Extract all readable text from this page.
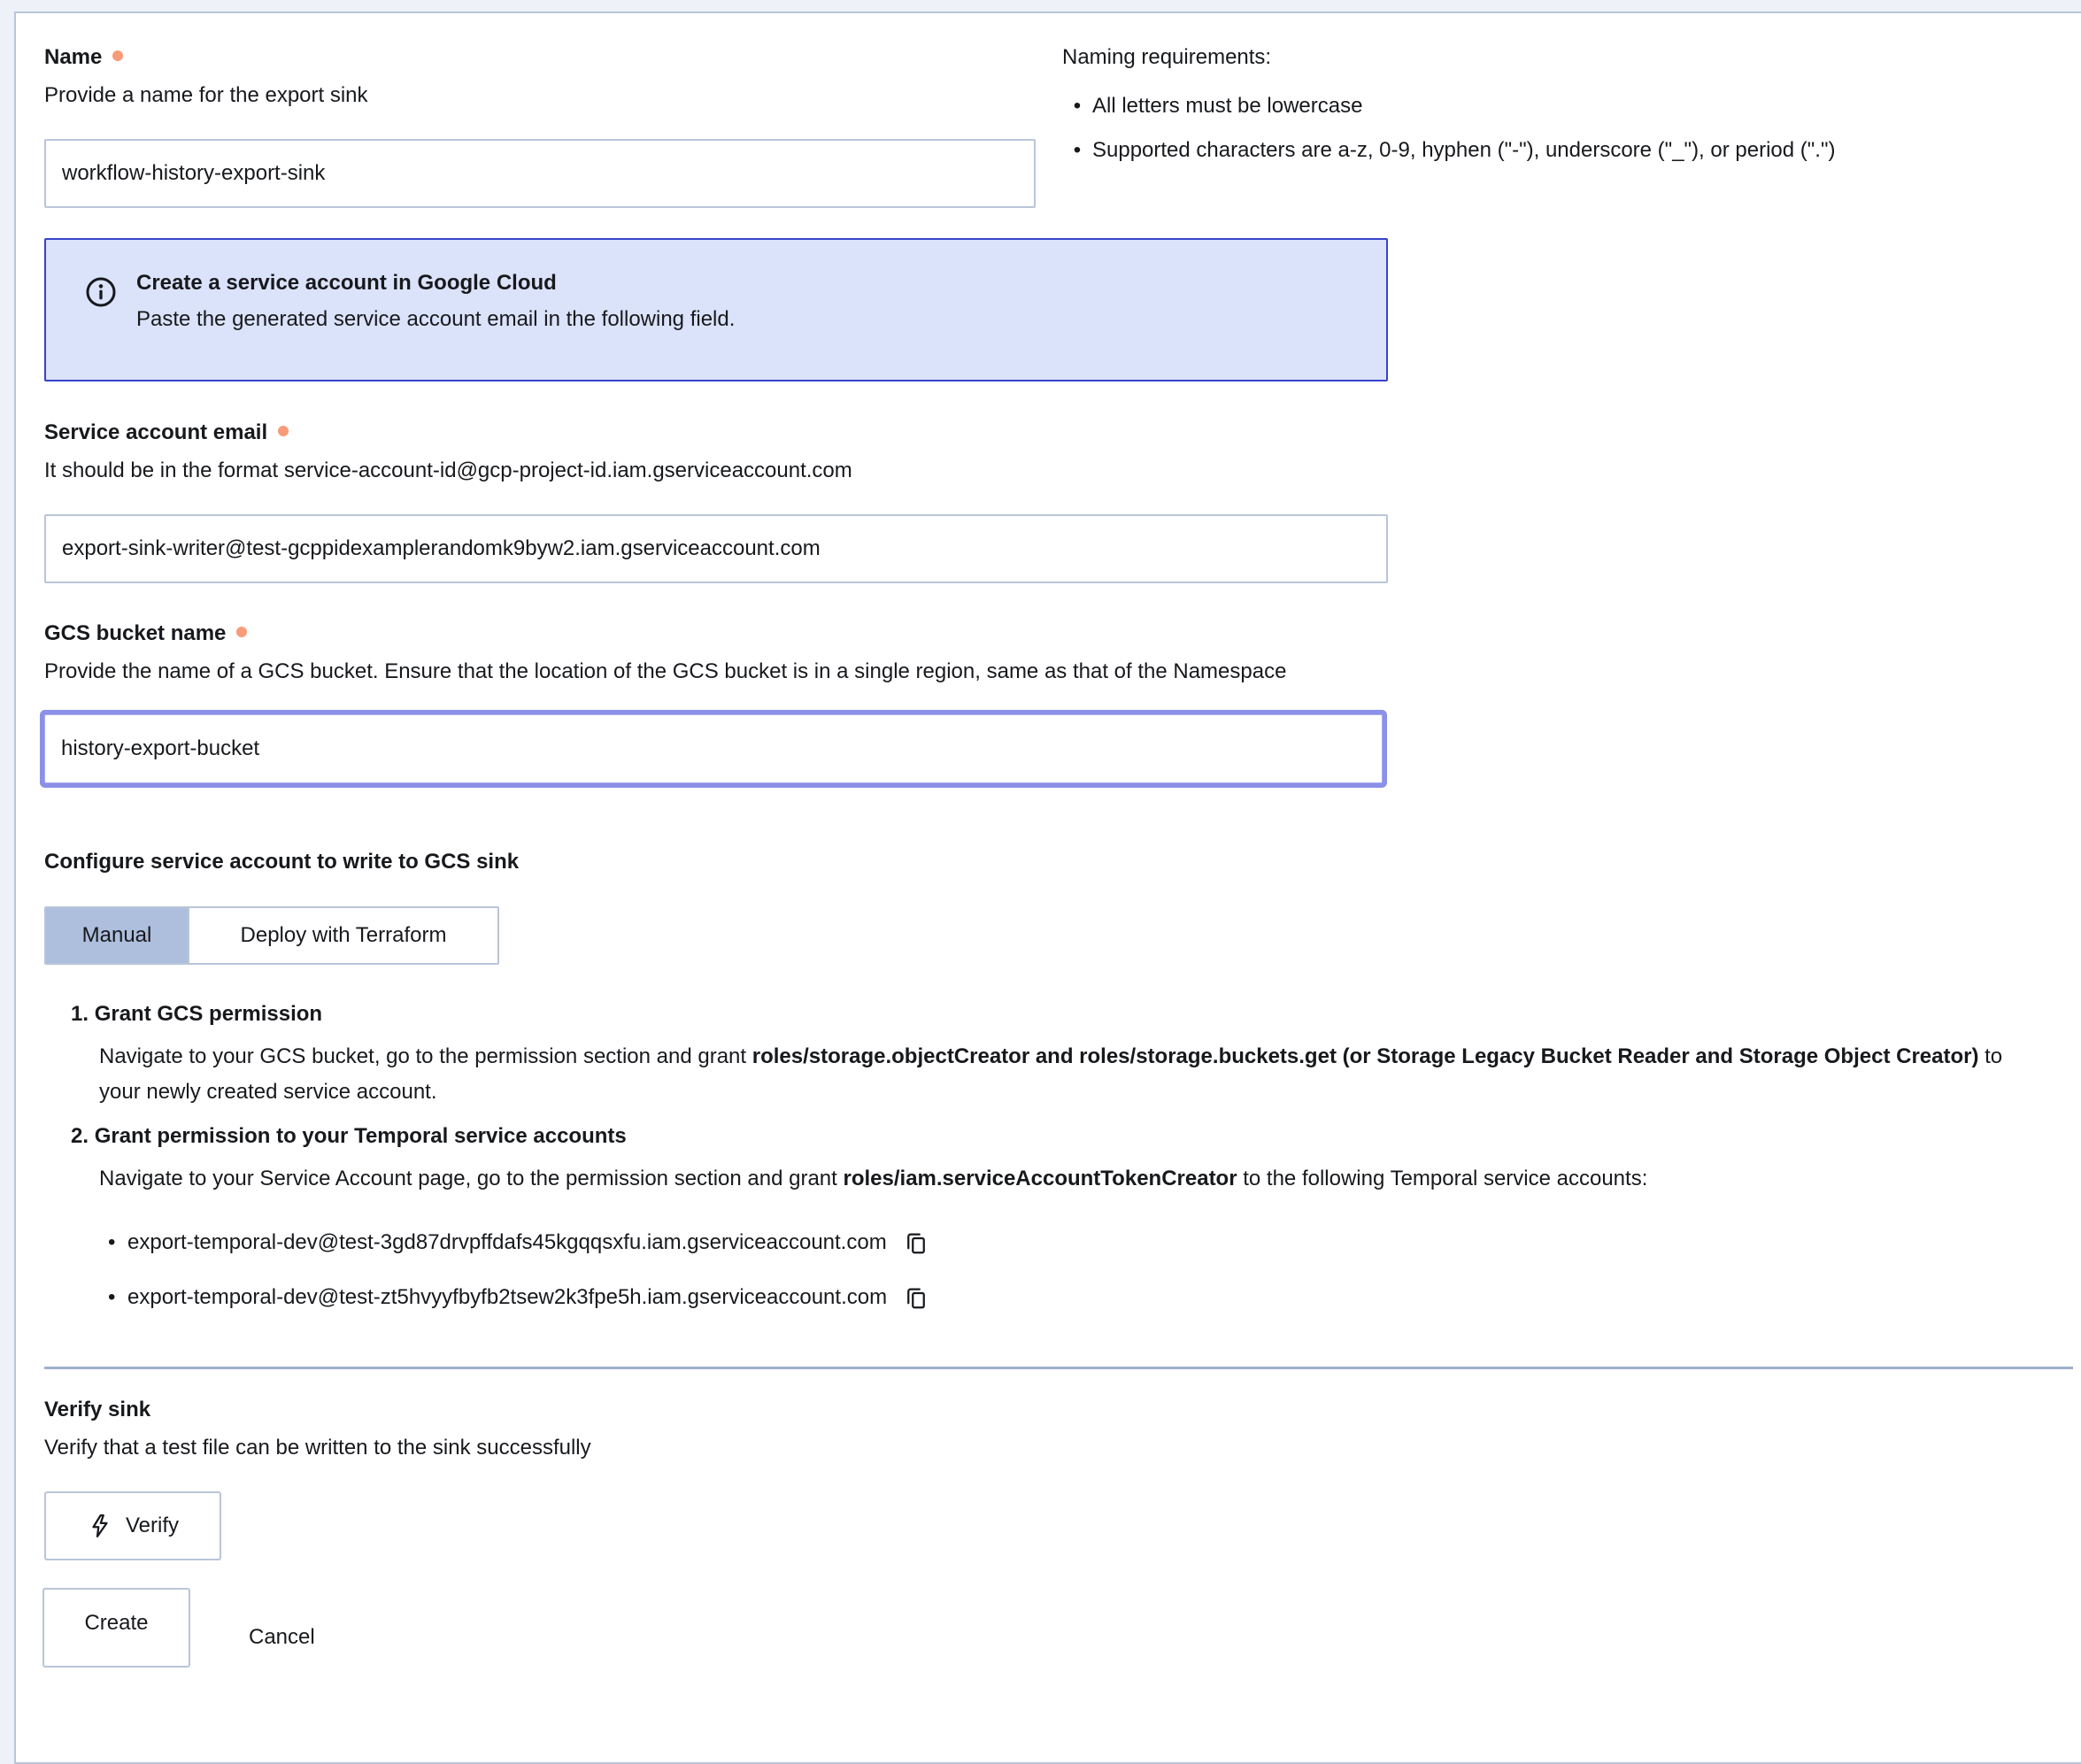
Name
Provide a name for the export sink
workflow-history-export-sink
Naming requirements:
• All letters must be lowercase
• Supported characters are a-z, 0-9, hyphen ("-"), underscore ("_"), or period (".")
Create a service account in Google Cloud
Paste the generated service account email in the following field.
Service account email
It should be in the format service-account-id@gcp-project-id.iam.gserviceaccount.com
export-sink-writer@test-gcppidexamplerandomk9byw2.iam.gserviceaccount.com
GCS bucket name
Provide the name of a GCS bucket. Ensure that the location of the GCS bucket is in a single region, same as that of the Namespace
history-export-bucket
Configure service account to write to GCS sink
Manual	Deploy with Terraform
1. Grant GCS permission
Navigate to your GCS bucket, go to the permission section and grant roles/storage.objectCreator and roles/storage.buckets.get (or Storage Legacy Bucket Reader and Storage Object Creator) to your newly created service account.
2. Grant permission to your Temporal service accounts
Navigate to your Service Account page, go to the permission section and grant roles/iam.serviceAccountTokenCreator to the following Temporal service accounts:
• export-temporal-dev@test-3gd87drvpffdafs45kgqqsxfu.iam.gserviceaccount.com
• export-temporal-dev@test-zt5hvyyfbyfb2tsew2k3fpe5h.iam.gserviceaccount.com
Verify sink
Verify that a test file can be written to the sink successfully
Verify
Create
Cancel
